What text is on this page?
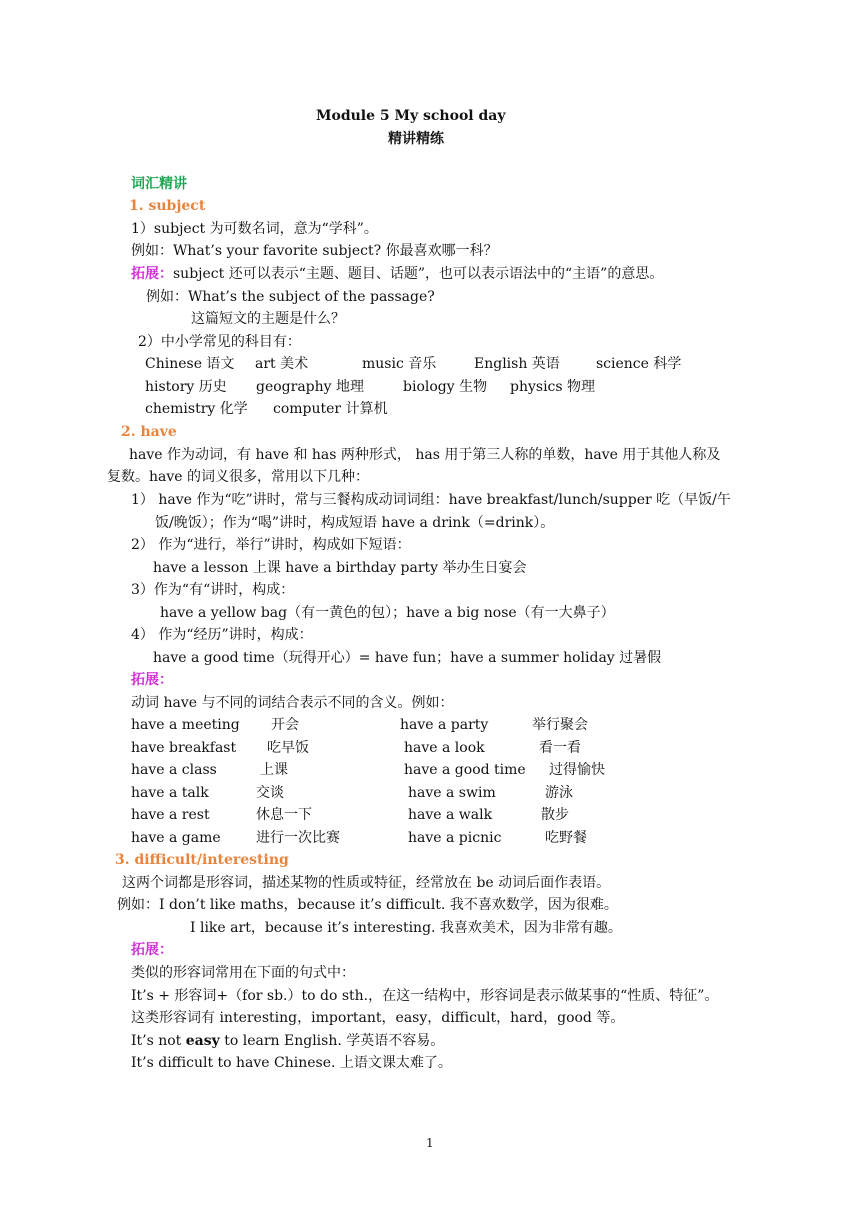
Module 5 My school day
精讲精练
词汇精讲
1. subject
1）subject 为可数名词，意为“学科”。
例如：What’s your favorite subject? 你最喜欢哪一科？
拓展：subject 还可以表示“主题、题目、话题”，也可以表示语法中的“主语”的意思。
例如：What’s the subject of the passage?
这篇短文的主题是什么？
2）中小学常见的科目有：
Chinese 语文 art 美术	music 音乐	English 英语	science 科学
history 历史 geography 地理	biology 生物 physics 物理
chemistry 化学 computer 计算机
2. have
have 作为动词，有 have 和 has 两种形式， has 用于第三人称的单数，have 用于其他人称及
复数。have 的词义很多，常用以下几种：
1） have 作为“吃”讲时，常与三餐构成动词词组：have breakfast/lunch/supper 吃（早饭/午
饭/晚饭）；作为“喝”讲时，构成短语 have a drink（=drink）。
2） 作为“进行，举行”讲时，构成如下短语：
have a lesson 上课 have a birthday party 举办生日宴会
3）作为“有“讲时，构成：
have a yellow bag（有一黄色的包）；have a big nose（有一大鼻子）
4） 作为“经历”讲时，构成：
have a good time（玩得开心）= have fun；have a summer holiday 过暑假
拓展：
动词 have 与不同的词结合表示不同的含义。例如：
have a meeting 开会	have a party	举行聚会
have breakfast 吃早饭	have a look	看一看
have a class	上课	have a good time 过得愉快
have a talk	交谈	have a swim	游泳
have a rest	休息一下	have a walk	散步
have a game	进行一次比赛	have a picnic	吃野餐
3. difficult/interesting
这两个词都是形容词，描述某物的性质或特征，经常放在 be 动词后面作表语。
例如：I don’t like maths，because it’s difficult. 我不喜欢数学，因为很难。
I like art，because it’s interesting. 我喜欢美术，因为非常有趣。
拓展：
类似的形容词常用在下面的句式中：
It’s + 形容词+（for sb.）to do sth.，在这一结构中，形容词是表示做某事的“性质、特征”。
这类形容词有 interesting，important，easy，difficult，hard，good 等。
It’s not easy to learn English. 学英语不容易。
It’s difficult to have Chinese. 上语文课太难了。
1
